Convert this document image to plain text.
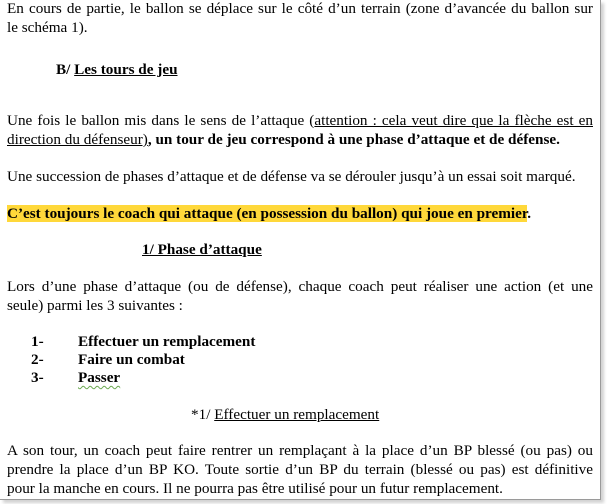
En cours de partie, le ballon se déplace sur le côté d’un terrain (zone d’avancée du ballon sur
le schéma 1).
B/ Les tours de jeu
Une fois le ballon mis dans le sens de l’attaque (attention : cela veut dire que la flèche est en
direction du défenseur), un tour de jeu correspond à une phase d’attaque et de défense.
Une succession de phases d’attaque et de défense va se dérouler jusqu’à un essai soit marqué.
C’est toujours le coach qui attaque (en possession du ballon) qui joue en premier.
1/ Phase d’attaque
Lors d’une phase d’attaque (ou de défense), chaque coach peut réaliser une action (et une
seule) parmi les 3 suivantes :
1- Effectuer un remplacement
2- Faire un combat
3- Passer
*1/ Effectuer un remplacement
A son tour, un coach peut faire rentrer un remplaçant à la place d’un BP blessé (ou pas) ou
prendre la place d’un BP KO. Toute sortie d’un BP du terrain (blessé ou pas) est définitive
pour la manche en cours. Il ne pourra pas être utilisé pour un futur remplacement.
